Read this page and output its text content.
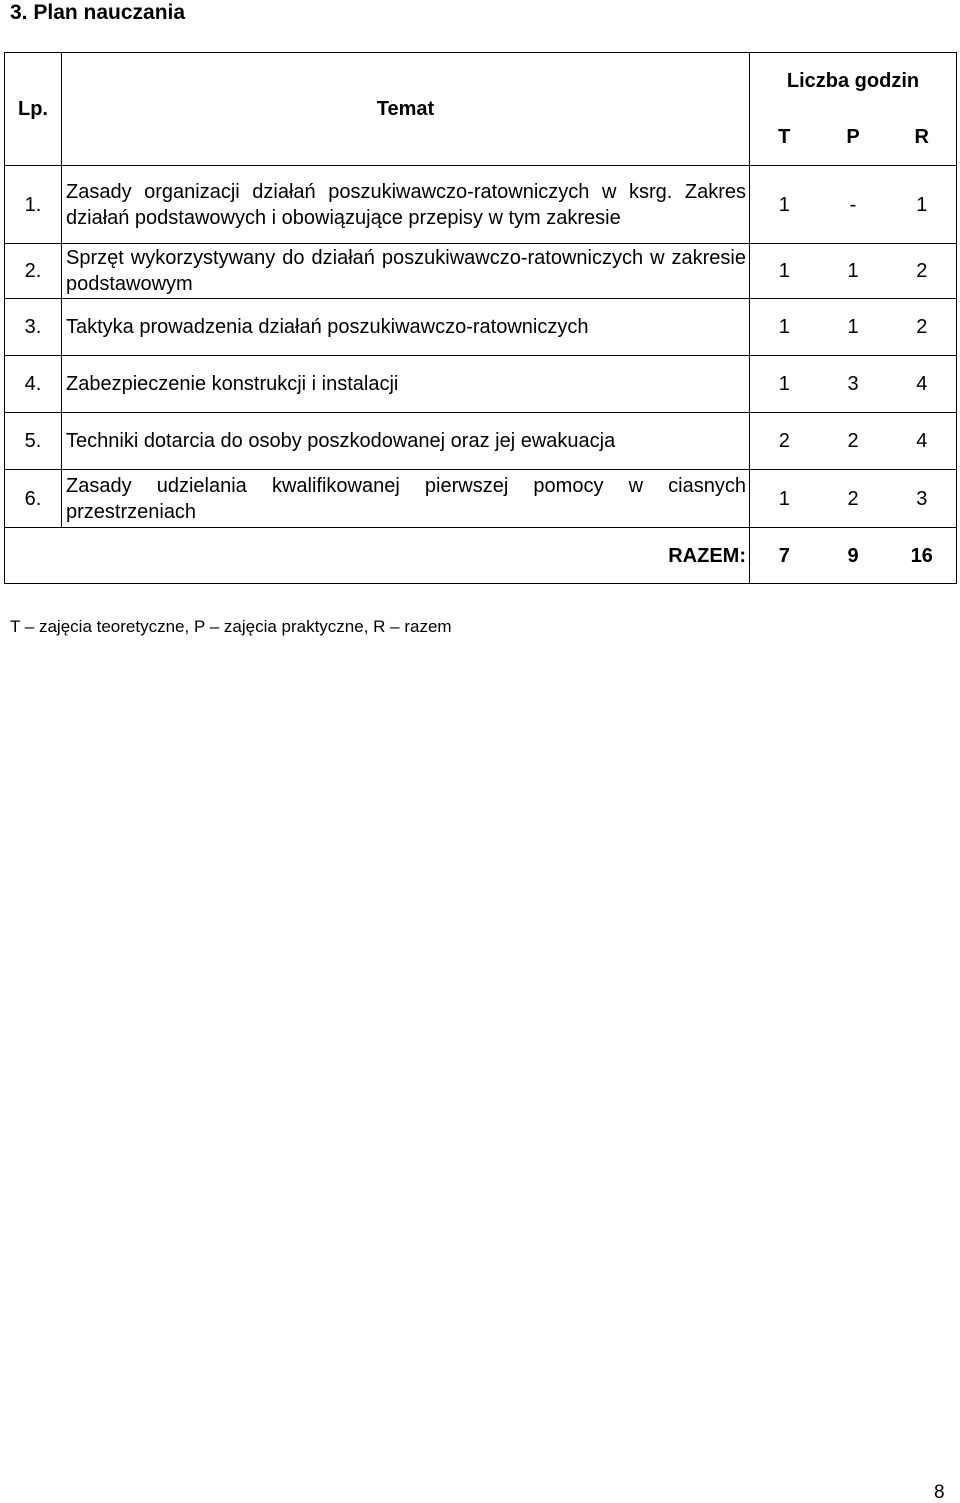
3. Plan nauczania
Lp.	Temat	Liczba godzin		
		T	P	R
1.	Zasady organizacji działań poszukiwawczo-ratowniczych w ksrg. Zakres działań podstawowych i obowiązujące przepisy w tym zakresie	1	-	1
2.	Sprzęt wykorzystywany do działań poszukiwawczo-ratowniczych w zakresie podstawowym	1	1	2
3.	Taktyka prowadzenia działań poszukiwawczo-ratowniczych	1	1	2
4.	Zabezpieczenie konstrukcji i instalacji	1	3	4
5.	Techniki dotarcia do osoby poszkodowanej oraz jej ewakuacja	2	2	4
6.	Zasady udzielania kwalifikowanej pierwszej pomocy w ciasnych przestrzeniach	1	2	3
RAZEM:		7	9	16

T – zajęcia teoretyczne, P – zajęcia praktyczne, R – razem

8
